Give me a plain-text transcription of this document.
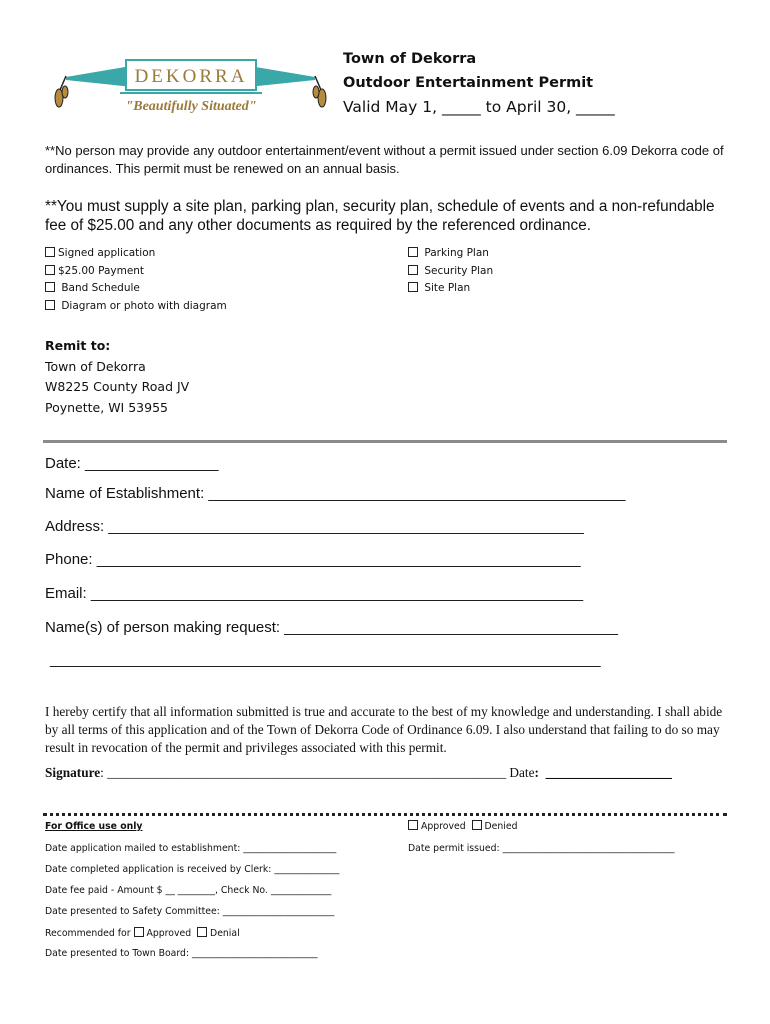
DEKORRA
"Beautifully Situated"
Town of Dekorra
Outdoor Entertainment Permit
Valid May 1, _____ to April 30, _____
**No person may provide any outdoor entertainment/event without a permit issued under section 6.09 Dekorra code of ordinances. This permit must be renewed on an annual basis.
**You must supply a site plan, parking plan, security plan, schedule of events and a non-refundable fee of $25.00 and any other documents as required by the referenced ordinance.
Signed application
$25.00 Payment
Band Schedule
Diagram or photo with diagram
Parking Plan
Security Plan
Site Plan
Remit to:
Town of Dekorra
W8225 County Road JV
Poynette, WI 53955
Date: ________________
Name of Establishment: __________________________________________________
Address: _________________________________________________________
Phone: __________________________________________________________
Email: ___________________________________________________________
Name(s) of person making request: ________________________________________
__________________________________________________________________
I hereby certify that all information submitted is true and accurate to the best of my knowledge and understanding. I shall abide by all terms of this application and of the Town of Dekorra Code of Ordinance 6.09. I also understand that failing to do so may result in revocation of the permit and privileges associated with this permit.
Signature: ____________________________________________________________ Date: ___________________
For Office use only	Approved Denied
Date application mailed to establishment: ____________________	Date permit issued: _____________________________________
Date completed application is received by Clerk: ______________
Date fee paid - Amount $ __ ________, Check No. _____________
Date presented to Safety Committee: ________________________
Recommended for Approved Denial
Date presented to Town Board: ___________________________
